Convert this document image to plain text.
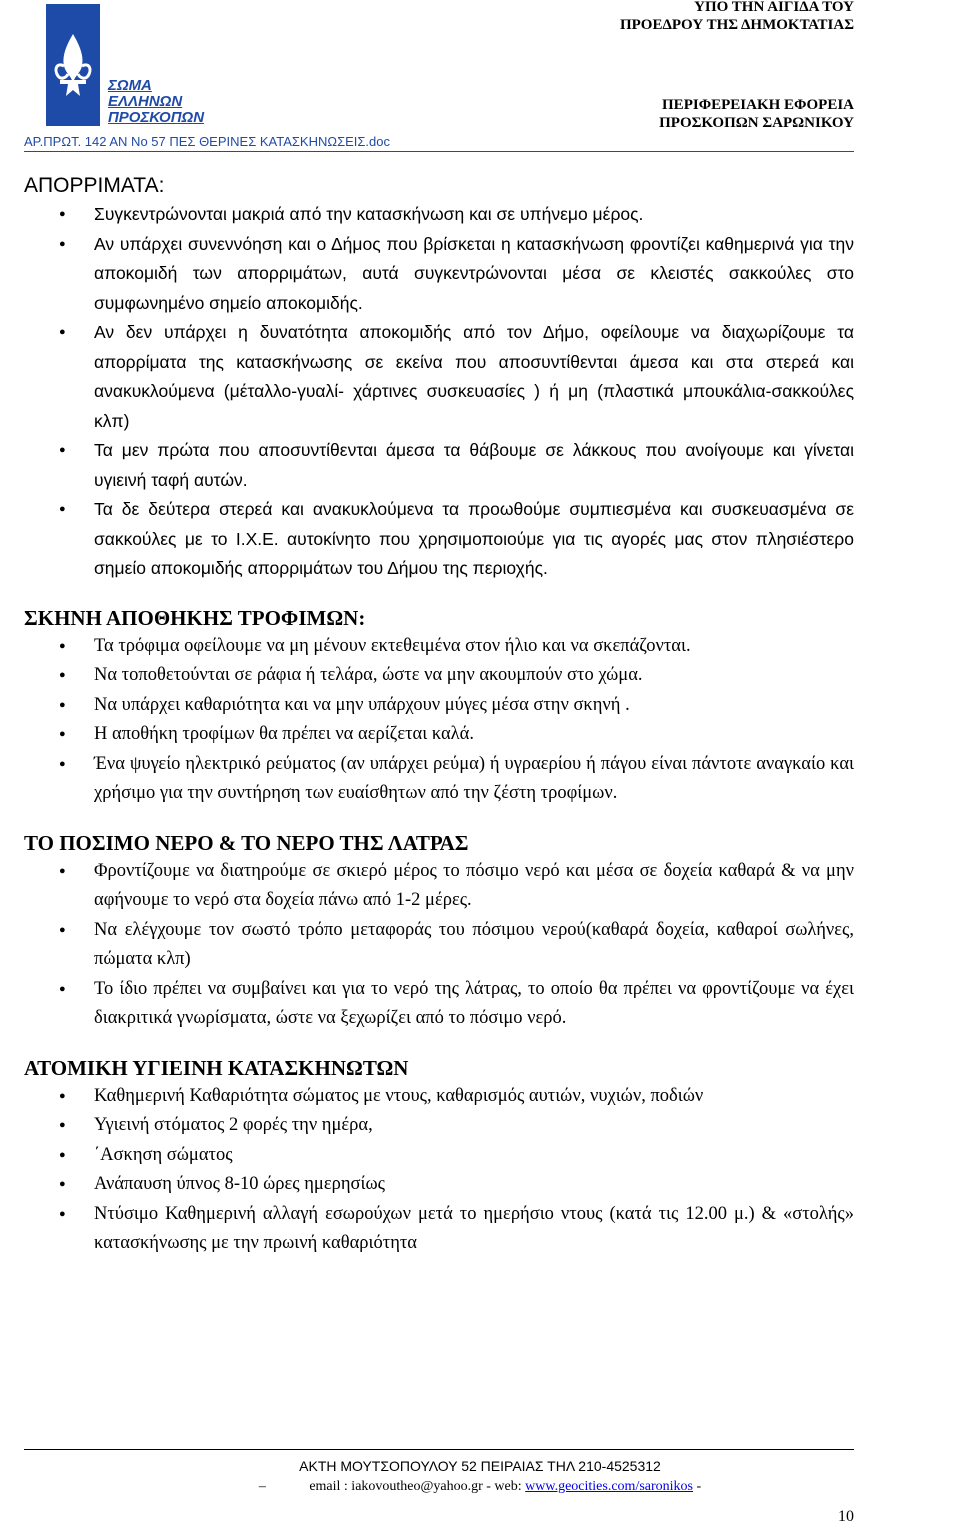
ΣΩΜΑ
ΕΛΛΗΝΩΝ
ΠΡΟΣΚΟΠΩΝ
ΥΠΟ ΤΗΝ ΑΙΓΙΔΑ ΤΟΥ
ΠΡΟΕΔΡΟΥ ΤΗΣ ΔΗΜΟΚΤΑΤΙΑΣ
ΠΕΡΙΦΕΡΕΙΑΚΗ ΕΦΟΡΕΙΑ
ΠΡΟΣΚΟΠΩΝ ΣΑΡΩΝΙΚΟΥ
ΑΡ.ΠΡΩΤ. 142 ΑΝ Νο 57 ΠΕΣ ΘΕΡΙΝΕΣ ΚΑΤΑΣΚΗΝΩΣΕΙΣ.doc
ΑΠΟΡΡΙΜΑΤΑ:
● Συγκεντρώνονται μακριά από την κατασκήνωση και σε υπήνεμο μέρος.
● Αν υπάρχει συνεννόηση και ο Δήμος που βρίσκεται η κατασκήνωση φροντίζει καθημερινά για την αποκομιδή των απορριμάτων, αυτά συγκεντρώνονται μέσα σε κλειστές σακκούλες στο συμφωνημένο σημείο αποκομιδής.
● Αν δεν υπάρχει η δυνατότητα αποκομιδής από τον Δήμο, οφείλουμε να διαχωρίζουμε τα απορρίματα της κατασκήνωσης σε εκείνα που αποσυντίθενται άμεσα και στα στερεά και ανακυκλούμενα (μέταλλο-γυαλί- χάρτινες συσκευασίες ) ή μη (πλαστικά μπουκάλια-σακκούλες κλπ)
● Τα μεν πρώτα που αποσυντίθενται άμεσα τα θάβουμε σε λάκκους που ανοίγουμε και γίνεται υγιεινή ταφή αυτών.
● Τα δε δεύτερα στερεά και ανακυκλούμενα τα προωθούμε συμπιεσμένα και συσκευασμένα σε σακκούλες με το Ι.Χ.Ε. αυτοκίνητο που χρησιμοποιούμε για τις αγορές μας στον πλησιέστερο σημείο αποκομιδής απορριμάτων του Δήμου της περιοχής.
ΣΚΗΝΗ ΑΠΟΘΗΚΗΣ ΤΡΟΦΙΜΩΝ:
● Τα τρόφιμα οφείλουμε να μη μένουν εκτεθειμένα στον ήλιο και να σκεπάζονται.
● Να τοποθετούνται σε ράφια ή τελάρα, ώστε να μην ακουμπούν στο χώμα.
● Να υπάρχει καθαριότητα και να μην υπάρχουν μύγες μέσα στην σκηνή .
● Η αποθήκη τροφίμων θα πρέπει να αερίζεται καλά.
● Ένα ψυγείο ηλεκτρικό ρεύματος (αν υπάρχει ρεύμα) ή υγραερίου ή πάγου είναι πάντοτε αναγκαίο και χρήσιμο για την συντήρηση των ευαίσθητων από την ζέστη τροφίμων.
ΤΟ ΠΟΣΙΜΟ ΝΕΡΟ & ΤΟ ΝΕΡΟ ΤΗΣ ΛΑΤΡΑΣ
● Φροντίζουμε να διατηρούμε σε σκιερό μέρος το πόσιμο νερό και μέσα σε δοχεία καθαρά & να μην αφήνουμε το νερό στα δοχεία πάνω από 1-2 μέρες.
● Να ελέγχουμε τον σωστό τρόπο μεταφοράς του πόσιμου νερού(καθαρά δοχεία, καθαροί σωλήνες, πώματα κλπ)
● Το ίδιο πρέπει να συμβαίνει και για το νερό της λάτρας, το οποίο θα πρέπει να φροντίζουμε να έχει διακριτικά γνωρίσματα, ώστε να ξεχωρίζει από το πόσιμο νερό.
ΑΤΟΜΙΚΗ ΥΓΙΕΙΝΗ ΚΑΤΑΣΚΗΝΩΤΩΝ
● Καθημερινή Καθαριότητα σώματος με ντους, καθαρισμός αυτιών, νυχιών, ποδιών
● Υγιεινή στόματος 2 φορές την ημέρα,
● ΄Ασκηση σώματος
● Ανάπαυση ύπνος 8-10 ώρες ημερησίως
● Ντύσιμο Καθημερινή αλλαγή εσωρούχων μετά το ημερήσιο ντους (κατά τις 12.00 μ.) & «στολής» κατασκήνωσης με την πρωινή καθαριότητα
ΑΚΤΗ ΜΟΥΤΣΟΠΟΥΛΟΥ 52 ΠΕΙΡΑΙΑΣ ΤΗΛ 210-4525312
–	email : iakovoutheo@yahoo.gr - web: www.geocities.com/saronikos -
10
